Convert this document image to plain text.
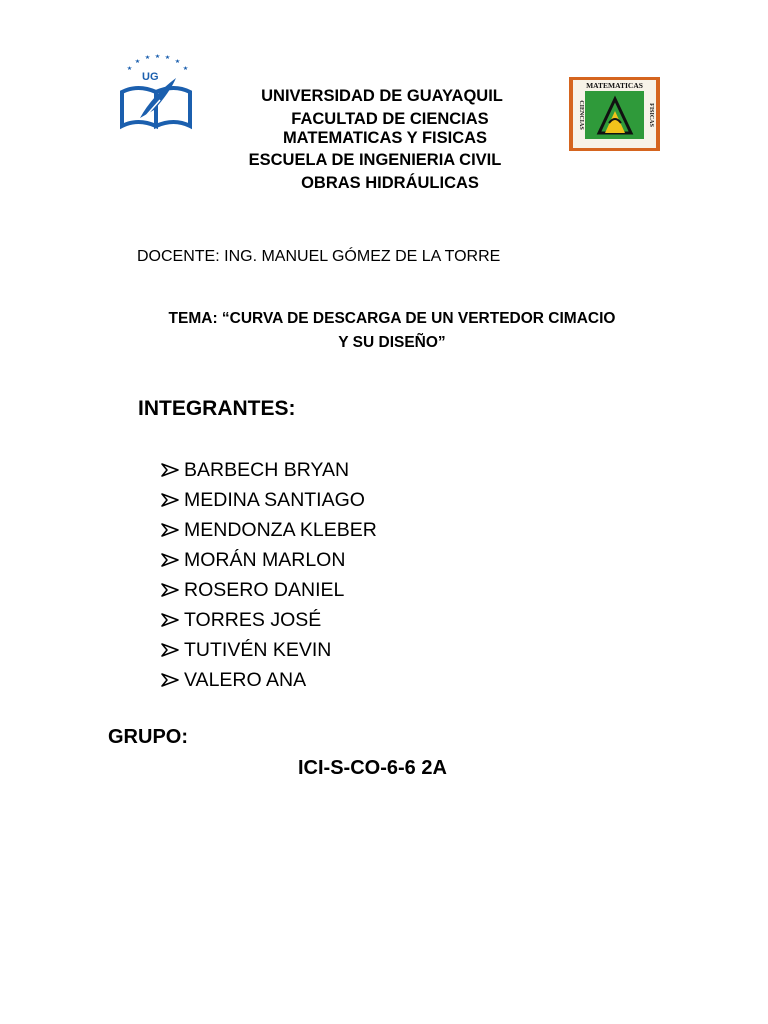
UG
UNIVERSIDAD DE GUAYAQUIL
FACULTAD DE CIENCIAS
MATEMATICAS Y FISICAS
ESCUELA DE INGENIERIA CIVIL
OBRAS HIDRÁULICAS
MATEMATICAS
CIENCIAS	FISICAS
DOCENTE: ING. MANUEL GÓMEZ DE LA TORRE
TEMA: “CURVA DE DESCARGA DE UN VERTEDOR CIMACIO
Y SU DISEÑO”
INTEGRANTES:
BARBECH BRYAN
MEDINA SANTIAGO
MENDONZA KLEBER
MORÁN MARLON
ROSERO DANIEL
TORRES JOSÉ
TUTIVÉN KEVIN
VALERO ANA
GRUPO:
ICI-S-CO-6-6 2A
